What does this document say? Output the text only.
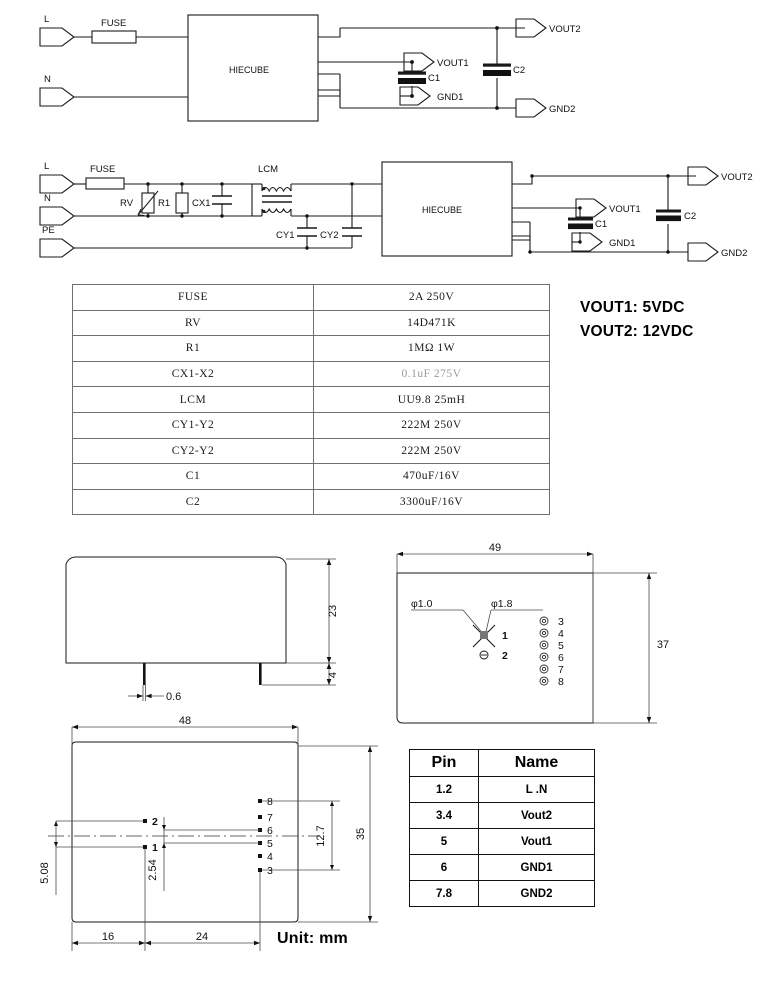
L
N
FUSE
HIECUBE
C1
C2
VOUT2
VOUT1
GND1
GND2
L
N
PE
FUSE
RV	R1 CX1
LCM
CY1	CY2
HIECUBE
C1
C2
VOUT2
VOUT1
GND1
GND2
FUSE	2A 250V
RV	14D471K
R1	1MΩ 1W
CX1-X2	0.1uF 275V
LCM	UU9.8 25mH
CY1-Y2	222M 250V
CY2-Y2	222M 250V
C1	470uF/16V
C2	3300uF/16V
VOUT1: 5VDC
VOUT2: 12VDC
23
4
0.6
φ1.0	φ1.8
1
2
49
37
3
4
5
6
7
8
2
1
8
7
6
5
4
3
48
35
5.08	2.54
12.7
16	24
Pin	Name
1.2	L .N
3.4	Vout2
5	Vout1
6	GND1
7.8	GND2
Unit: mm
